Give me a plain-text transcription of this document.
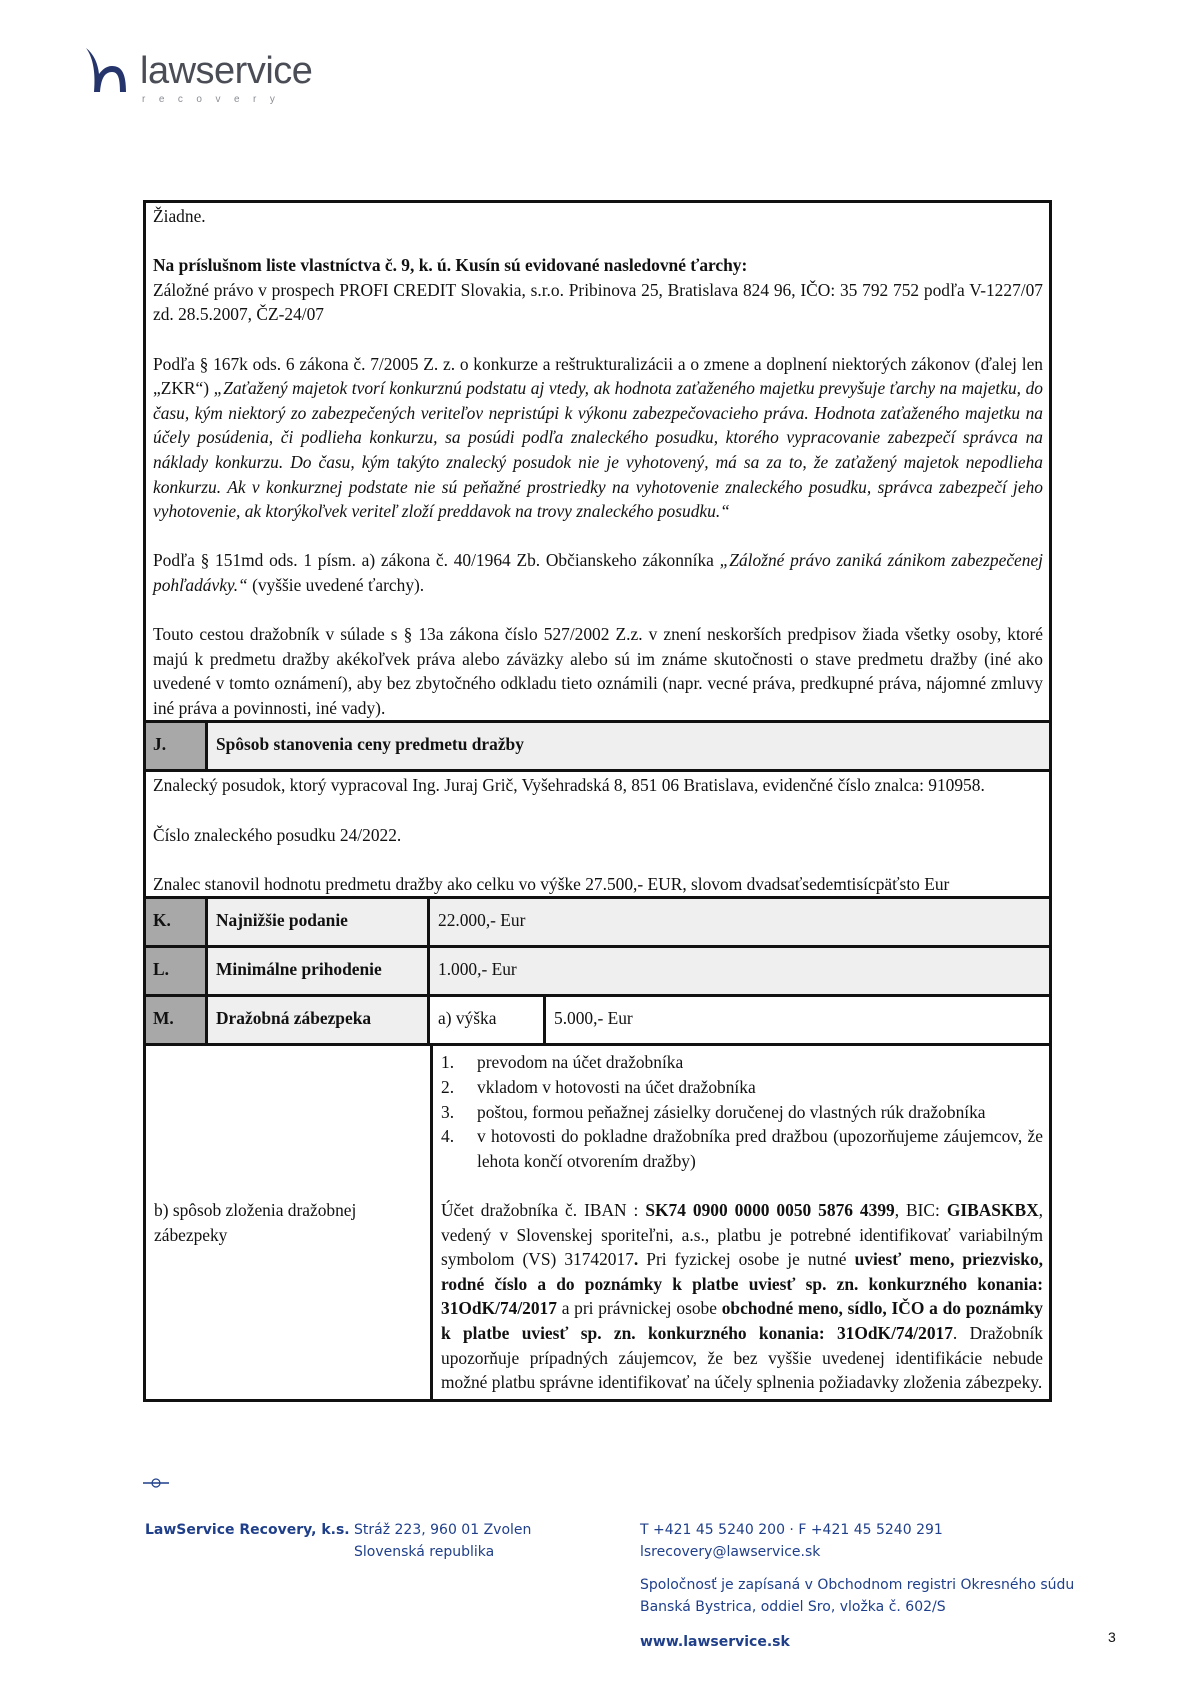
lawservice
recovery

Žiadne.

Na príslušnom liste vlastníctva č. 9, k. ú. Kusín sú evidované nasledovné ťarchy:

Záložné právo v prospech PROFI CREDIT Slovakia, s.r.o. Pribinova 25, Bratislava 824 96, IČO: 35 792 752 podľa V-1227/07 zd. 28.5.2007, ČZ-24/07

Podľa § 167k ods. 6 zákona č. 7/2005 Z. z. o konkurze a reštrukturalizácii a o zmene a doplnení niektorých zákonov (ďalej len „ZKR“) „Zaťažený majetok tvorí konkurznú podstatu aj vtedy, ak hodnota zaťaženého majetku prevyšuje ťarchy na majetku, do času, kým niektorý zo zabezpečených veriteľov nepristúpi k výkonu zabezpečovacieho práva. Hodnota zaťaženého majetku na účely posúdenia, či podlieha konkurzu, sa posúdi podľa znaleckého posudku, ktorého vypracovanie zabezpečí správca na náklady konkurzu. Do času, kým takýto znalecký posudok nie je vyhotovený, má sa za to, že zaťažený majetok nepodlieha konkurzu. Ak v konkurznej podstate nie sú peňažné prostriedky na vyhotovenie znaleckého posudku, správca zabezpečí jeho vyhotovenie, ak ktorýkoľvek veriteľ zloží preddavok na trovy znaleckého posudku.“

Podľa § 151md ods. 1 písm. a) zákona č. 40/1964 Zb. Občianskeho zákonníka „Záložné právo zaniká zánikom zabezpečenej pohľadávky.“ (vyššie uvedené ťarchy).

Touto cestou dražobník v súlade s § 13a zákona číslo 527/2002 Z.z. v znení neskorších predpisov žiada všetky osoby, ktoré majú k predmetu dražby akékoľvek práva alebo záväzky alebo sú im známe skutočnosti o stave predmetu dražby (iné ako uvedené v tomto oznámení), aby bez zbytočného odkladu tieto oznámili (napr. vecné práva, predkupné práva, nájomné zmluvy iné práva a povinnosti, iné vady).

J.	Spôsob stanovenia ceny predmetu dražby

Znalecký posudok, ktorý vypracoval Ing. Juraj Grič, Vyšehradská 8, 851 06 Bratislava, evidenčné číslo znalca: 910958.

Číslo znaleckého posudku 24/2022.

Znalec stanovil hodnotu predmetu dražby ako celku vo výške 27.500,- EUR, slovom dvadsaťsedemtisícpäťsto Eur

K.	Najnižšie podanie	22.000,- Eur
L.	Minimálne prihodenie	1.000,- Eur
M.	Dražobná zábezpeka	a) výška	5.000,- Eur
b) spôsob zloženia dražobnej zábezpeky
1.	prevodom na účet dražobníka
2.	vkladom v hotovosti na účet dražobníka
3.	poštou, formou peňažnej zásielky doručenej do vlastných rúk dražobníka
4.	v hotovosti do pokladne dražobníka pred dražbou (upozorňujeme záujemcov, že lehota končí otvorením dražby)

Účet dražobníka č. IBAN : SK74 0900 0000 0050 5876 4399, BIC: GIBASKBX, vedený v Slovenskej sporiteľni, a.s., platbu je potrebné identifikovať variabilným symbolom (VS) 31742017. Pri fyzickej osobe je nutné uviesť meno, priezvisko, rodné číslo a do poznámky k platbe uviesť sp. zn. konkurzného konania: 31OdK/74/2017 a pri právnickej osobe obchodné meno, sídlo, IČO a do poznámky k platbe uviesť sp. zn. konkurzného konania: 31OdK/74/2017. Dražobník upozorňuje prípadných záujemcov, že bez vyššie uvedenej identifikácie nebude možné platbu správne identifikovať na účely splnenia požiadavky zloženia zábezpeky.

LawService Recovery, k.s. Stráž 223, 960 01 Zvolen
Slovenská republika
T +421 45 5240 200 · F +421 45 5240 291
lsrecovery@lawservice.sk
Spoločnosť je zapísaná v Obchodnom registri Okresného súdu
Banská Bystrica, oddiel Sro, vložka č. 602/S
www.lawservice.sk	3
